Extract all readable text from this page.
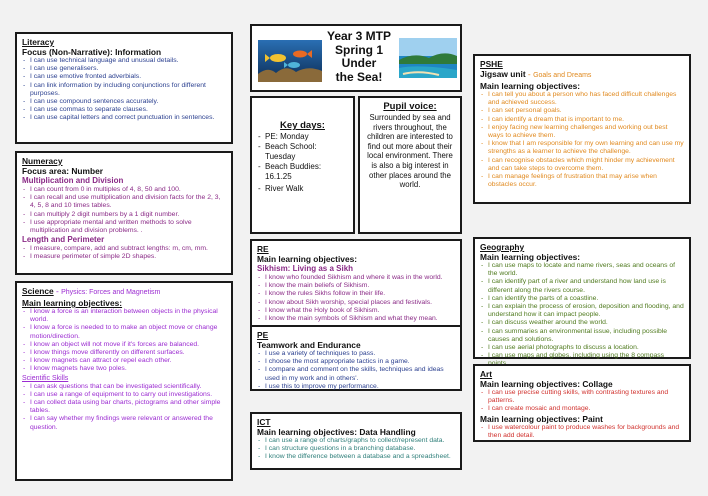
Literacy
Focus (Non-Narrative): Information
- I can use technical language and unusual details.
- I can use generalisers.
- I can use emotive fronted adverbials.
- I can link information by including conjunctions for different purposes.
- I can use compound sentences accurately.
- I can use commas to separate clauses.
- I can use capital letters and correct punctuation in sentences.
Numeracy
Focus area: Number
Multiplication and Division
- I can count from 0 in multiples of 4, 8, 50 and 100.
- I can recall and use multiplication and division facts for the 2, 3, 4, 5, 8 and 10 times tables.
- I can multiply 2 digit numbers by a 1 digit number.
- I use appropriate mental and written methods to solve multiplication and division problems. .
Length and Perimeter
- I measure, compare, add and subtract lengths: m, cm, mm.
- I measure perimeter of simple 2D shapes.
Science - Physics: Forces and Magnetism
Main learning objectives:
- I know a force is an interaction between objects in the physical world.
- I know a force is needed to to make an object move or change motion/direction.
- I know an object will not move if it's forces are balanced.
- I know things move differently on different surfaces.
- I know magnets can attract or repel each other.
- I know magnets have two poles.
Scientific Skills
- I can ask questions that can be investigated scientifically.
- I can use a range of equipment to to carry out investigations.
- I can collect data using bar charts, pictograms and other simple tables.
- I can say whether my findings were relevant or answered the question.
Year 3 MTP
Spring 1
Under
the Sea!
Key days:
- PE: Monday
- Beach School: Tuesday
- Beach Buddies: 16.1.25
- River Walk
Pupil voice:
Surrounded by sea and rivers throughout, the children are interested to find out more about their local environment. There is also a big interest in other places around the world.
RE
Main learning objectives:
Sikhism: Living as a Sikh
- I know who founded Sikhism and where it was in the world.
- I know the main beliefs of Sikhism.
- I know the rules Sikhs follow in their life.
- I know about Sikh worship, special places and festivals.
- I know what the Holy book of Sikhism.
- I know the main symbols of Sikhism and what they mean.
PE
Teamwork and Endurance
- I use a variety of techniques to pass.
- I choose the most appropriate tactics in a game.
- I compare and comment on the skills, techniques and ideas used in my work and in others'.
- I use this to improve my performance.
ICT
Main learning objectives: Data Handling
- I can use a range of charts/graphs to collect/represent data.
- I can structure questions in a branching database.
- I know the difference between a database and a spreadsheet.
PSHE
Jigsaw unit - Goals and Dreams
Main learning objectives:
- I can tell you about a person who has faced difficult challenges and achieved success.
- I can set personal goals.
- I can identify a dream that is important to me.
- I enjoy facing new learning challenges and working out best ways to achieve them.
- I know that I am responsible for my own learning and can use my strengths as a learner to achieve the challenge.
- I can recognise obstacles which might hinder my achievement and can take steps to overcome them.
- I can manage feelings of frustration that may arise when obstacles occur.
Geography
Main learning objectives:
- I can use maps to locate and name rivers, seas and oceans of the world.
- I can identify part of a river and understand how land use is different along the rivers course.
- I can identify the parts of a coastline.
- I can explain the process of erosion, deposition and flooding, and understand how it can impact people.
- I can discuss weather around the world.
- I can summaries an environmental issue, including possible causes and solutions.
- I can use aerial photographs to discuss a location.
- I can use maps and globes, including using the 8 compass
Art
Main learning objectives: Collage
- I can use precise cutting skills, with contrasting textures and patterns.
- I can create mosaic and montage.
Main learning objectives: Paint
- I use watercolour paint to produce washes for backgrounds and then add detail.
